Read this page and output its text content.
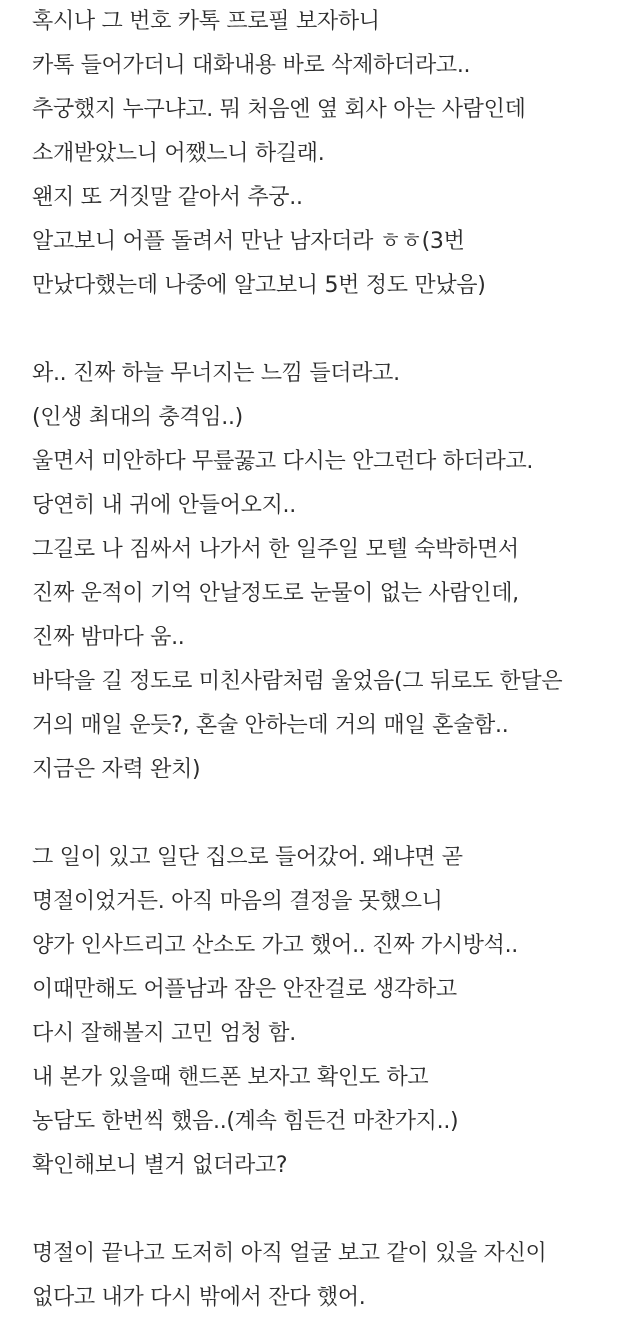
혹시나 그 번호 카톡 프로필 보자하니
카톡 들어가더니 대화내용 바로 삭제하더라고..
추궁했지 누구냐고. 뭐 처음엔 옆 회사 아는 사람인데
소개받았느니 어쨌느니 하길래.
왠지 또 거짓말 같아서 추궁..
알고보니 어플 돌려서 만난 남자더라 ㅎㅎ(3번
만났다했는데 나중에 알고보니 5번 정도 만났음)
와.. 진짜 하늘 무너지는 느낌 들더라고.
(인생 최대의 충격임..)
울면서 미안하다 무릎꿇고 다시는 안그런다 하더라고.
당연히 내 귀에 안들어오지..
그길로 나 짐싸서 나가서 한 일주일 모텔 숙박하면서
진짜 운적이 기억 안날정도로 눈물이 없는 사람인데,
진짜 밤마다 움..
바닥을 길 정도로 미친사람처럼 울었음(그 뒤로도 한달은
거의 매일 운듯?, 혼술 안하는데 거의 매일 혼술함..
지금은 자력 완치)
그 일이 있고 일단 집으로 들어갔어. 왜냐면 곧
명절이었거든. 아직 마음의 결정을 못했으니
양가 인사드리고 산소도 가고 했어.. 진짜 가시방석..
이때만해도 어플남과 잠은 안잔걸로 생각하고
다시 잘해볼지 고민 엄청 함.
내 본가 있을때 핸드폰 보자고 확인도 하고
농담도 한번씩 했음..(계속 힘든건 마찬가지..)
확인해보니 별거 없더라고?
명절이 끝나고 도저히 아직 얼굴 보고 같이 있을 자신이
없다고 내가 다시 밖에서 잔다 했어.
